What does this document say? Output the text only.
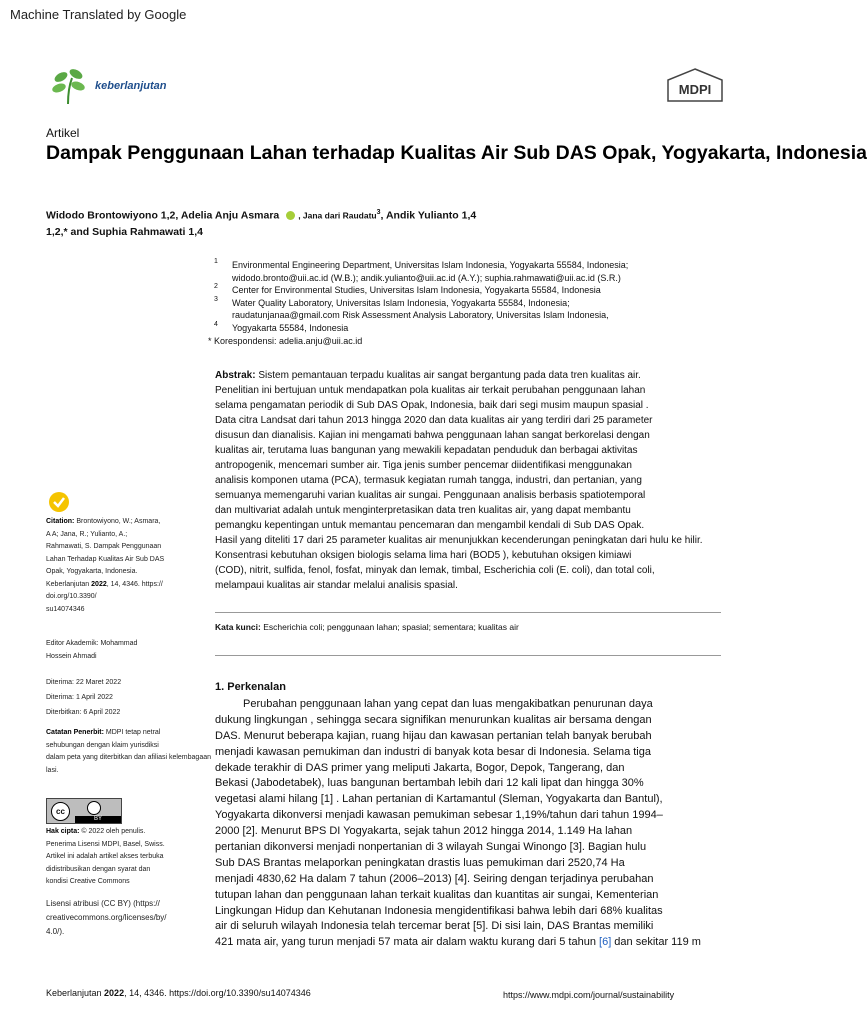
Machine Translated by Google
keberlanjutan	MDPI
Artikel
Dampak Penggunaan Lahan terhadap Kualitas Air Sub DAS Opak, Yogyakarta, Indonesia
Widodo Brontowiyono 1,2, Adelia Anju Asmara , Jana dari Raudatu$^3$, Andik Yulianto 1,4
1,2,* and Suphia Rahmawati 1,4
1 Environmental Engineering Department, Universitas Islam Indonesia, Yogyakarta 55584, Indonesia;
widodo.bronto@uii.ac.id (W.B.); andik.yulianto@uii.ac.id (A.Y.); suphia.rahmawati@uii.ac.id (S.R.)
2 Center for Environmental Studies, Universitas Islam Indonesia, Yogyakarta 55584, Indonesia
3 Water Quality Laboratory, Universitas Islam Indonesia, Yogyakarta 55584, Indonesia;
raudatunjanaa@gmail.com Risk Assessment Analysis Laboratory, Universitas Islam Indonesia,
4 Yogyakarta 55584, Indonesia
* Korespondensi: adelia.anju@uii.ac.id

Abstrak: Sistem pemantauan terpadu kualitas air sangat bergantung pada data tren kualitas air.

Penelitian ini bertujuan untuk mendapatkan pola kualitas air terkait perubahan penggunaan lahan

selama pengamatan periodik di Sub DAS Opak, Indonesia, baik dari segi musim maupun spasial .

Data citra Landsat dari tahun 2013 hingga 2020 dan data kualitas air yang terdiri dari 25 parameter

disusun dan dianalisis. Kajian ini mengamati bahwa penggunaan lahan sangat berkorelasi dengan

kualitas air, terutama luas bangunan yang mewakili kepadatan penduduk dan berbagai aktivitas

antropogenik, mencemari sumber air. Tiga jenis sumber pencemar diidentifikasi menggunakan

analisis komponen utama (PCA), termasuk kegiatan rumah tangga, industri, dan pertanian, yang

semuanya memengaruhi varian kualitas air sungai. Penggunaan analisis berbasis spatiotemporal

dan multivariat adalah untuk menginterpretasikan data tren kualitas air, yang dapat membantu

pemangku kepentingan untuk memantau pencemaran dan mengambil kendali di Sub DAS Opak.

Hasil yang diteliti 17 dari 25 parameter kualitas air menunjukkan kecenderungan peningkatan dari hulu ke hilir.

Konsentrasi kebutuhan oksigen biologis selama lima hari (BOD5 ), kebutuhan oksigen kimiawi

(COD), nitrit, sulfida, fenol, fosfat, minyak dan lemak, timbal, Escherichia coli (E. coli), dan total coli,

melampaui kualitas air standar melalui analisis spasial.

Kata kunci: Escherichia coli; penggunaan lahan; spasial; sementara; kualitas air
Citation: Brontowiyono, W.; Asmara,
A A; Jana, R.; Yulianto, A.;
Rahmawati, S. Dampak Penggunaan
Lahan Terhadap Kualitas Air Sub DAS
Opak, Yogyakarta, Indonesia.
Keberlanjutan 2022, 14, 4346. https://
doi.org/10.3390/
su14074346
Editor Akademik: Mohammad
Hossein Ahmadi
Diterima: 22 Maret 2022
Diterima: 1 April 2022
Diterbitkan: 6 April 2022
Catatan Penerbit: MDPI tetap netral
sehubungan dengan klaim yurisdiksi
dalam peta yang diterbitkan dan afiliasi kelembagaan
lasi.
cc
BY
Hak cipta: © 2022 oleh penulis.
Penerima Lisensi MDPI, Basel, Swiss.
Artikel ini adalah artikel akses terbuka
didistribusikan dengan syarat dan
kondisi Creative Commons
Lisensi atribusi (CC BY) (https://
creativecommons.org/licenses/by/
4.0/).
1. Perkenalan
Perubahan penggunaan lahan yang cepat dan luas mengakibatkan penurunan daya
dukung lingkungan , sehingga secara signifikan menurunkan kualitas air bersama dengan
DAS. Menurut beberapa kajian, ruang hijau dan kawasan pertanian telah banyak berubah
menjadi kawasan pemukiman dan industri di banyak kota besar di Indonesia. Selama tiga
dekade terakhir di DAS primer yang meliputi Jakarta, Bogor, Depok, Tangerang, dan
Bekasi (Jabodetabek), luas bangunan bertambah lebih dari 12 kali lipat dan hingga 30%
vegetasi alami hilang [1] . Lahan pertanian di Kartamantul (Sleman, Yogyakarta dan Bantul),
Yogyakarta dikonversi menjadi kawasan pemukiman sebesar 1,19%/tahun dari tahun 1994–
2000 [2]. Menurut BPS DI Yogyakarta, sejak tahun 2012 hingga 2014, 1.149 Ha lahan
pertanian dikonversi menjadi nonpertanian di 3 wilayah Sungai Winongo [3]. Bagian hulu
Sub DAS Brantas melaporkan peningkatan drastis luas pemukiman dari 2520,74 Ha
menjadi 4830,62 Ha dalam 7 tahun (2006–2013) [4]. Seiring dengan terjadinya perubahan
tutupan lahan dan penggunaan lahan terkait kualitas dan kuantitas air sungai, Kementerian
Lingkungan Hidup dan Kehutanan Indonesia mengidentifikasi bahwa lebih dari 68% kualitas
air di seluruh wilayah Indonesia telah tercemar berat [5]. Di sisi lain, DAS Brantas memiliki
421 mata air, yang turun menjadi 57 mata air dalam waktu kurang dari 5 tahun [6] dan sekitar 119 m
Keberlanjutan 2022, 14, 4346. https://doi.org/10.3390/su14074346	https://www.mdpi.com/journal/sustainability
